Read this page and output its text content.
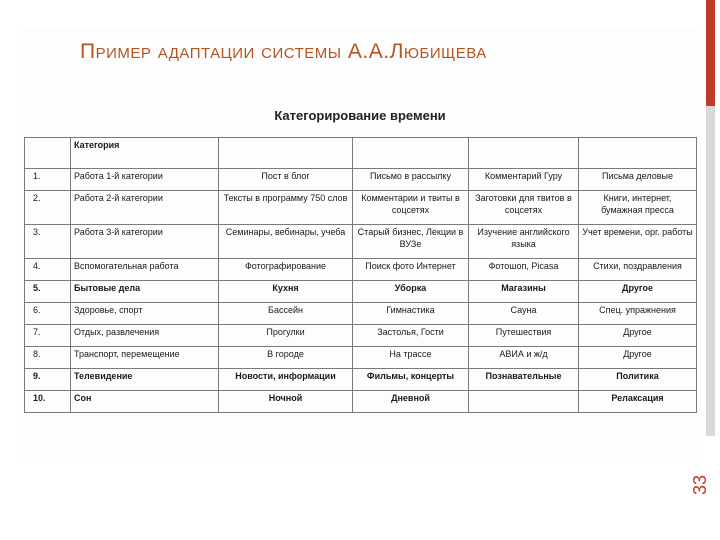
Пример адаптации системы А.А.Любищева
Категорирование времени
	Категория				
1.	Работа 1-й категории	Пост в блог	Письмо в рассылку	Комментарий Гуру	Письма деловые
2.	Работа 2-й категории	Тексты в программу 750 слов	Комментарии и твиты в соцсетях	Заготовки для твитов в соцсетях	Книги, интернет, бумажная пресса
3.	Работа 3-й категории	Семинары, вебинары, учеба	Старый бизнес, Лекции в ВУЗе	Изучение английского языка	Учет времени, орг. работы
4.	Вспомогательная работа	Фотографирование	Поиск фото Интернет	Фотошоп, Picasa	Стихи, поздравления
5.	Бытовые дела	Кухня	Уборка	Магазины	Другое
6.	Здоровье, спорт	Бассейн	Гимнастика	Сауна	Спец. упражнения
7.	Отдых, развлечения	Прогулки	Застолья, Гости	Путешествия	Другое
8.	Транспорт, перемещение	В городе	На трассе	АВИА и ж/д	Другое
9.	Телевидение	Новости, информации	Фильмы, концерты	Познавательные	Политика
10.	Сон	Ночной	Дневной		Релаксация
33
